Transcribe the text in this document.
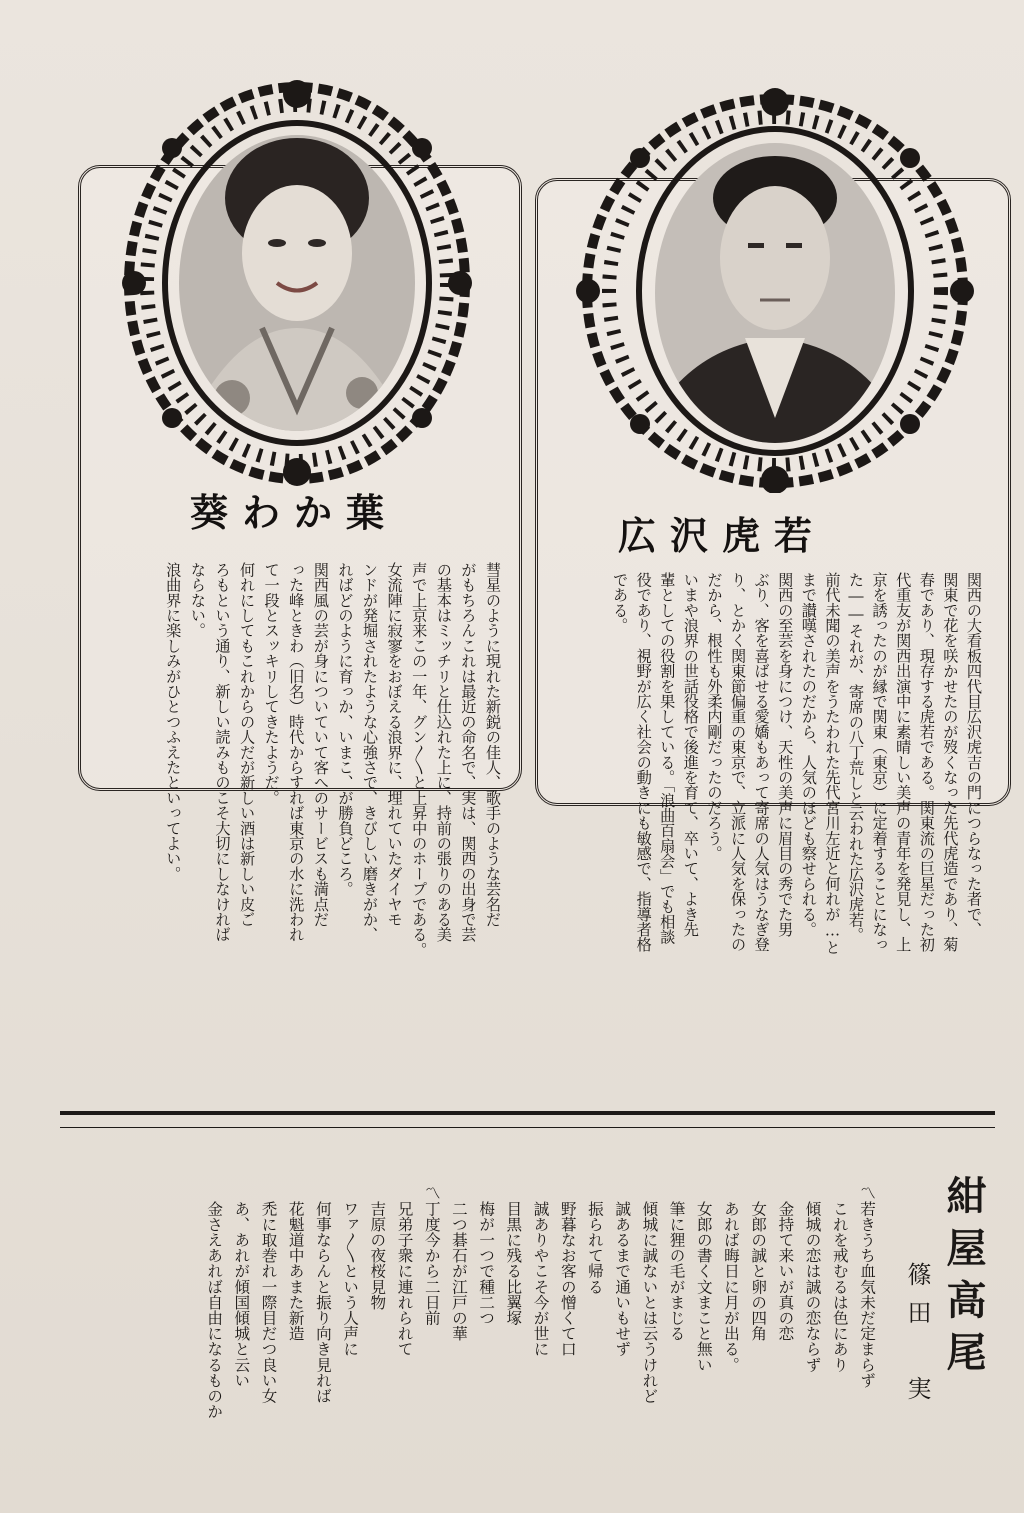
葵わか葉
彗星のように現れた新鋭の佳人、歌手のような芸名だ
がもちろんこれは最近の命名で、実は、関西の出身で芸
の基本はミッチリと仕込れた上に、持前の張りのある美
声で上京来この一年、グン〳〵と上昇中のホープである。
女流陣に寂寥をおぼえる浪界に、埋れていたダイヤモ
ンドが発堀されたような心強さで、きびしい磨きがか、
ればどのように育っか、いまこ、が勝負どころ。
関西風の芸が身についていて客へのサービスも満点だ
った峰ときわ（旧名）時代からすれば東京の水に洗われ
て一段とスッキリしてきたようだ。
何れにしてもこれからの人だが新しい酒は新しい皮ご
ろもという通り、新しい読みものこそ大切にしなければ
ならない。
浪曲界に楽しみがひとつふえたといってよい。
広沢虎若
関西の大看板四代目広沢虎吉の門につらなった者で、
関東で花を咲かせたのが歿くなった先代虎造であり、菊
春であり、現存する虎若である。関東流の巨星だった初
代重友が関西出演中に素晴しい美声の青年を発見し、上
京を誘ったのが縁で関東（東京）に定着することになっ
た――それが、寄席の八丁荒しと云われた広沢虎若。
前代未聞の美声をうたわれた先代宮川左近と何れが…と
まで讃嘆されたのだから、人気のほども察せられる。
関西の至芸を身につけ、天性の美声に眉目の秀でた男
ぶり、客を喜ばせる愛嬌もあって寄席の人気はうなぎ登
り、とかく関東節偏重の東京で、立派に人気を保ったの
だから、根性も外柔内剛だったのだろう。
いまや浪界の世話役格で後進を育て、卒いて、よき先
輩としての役割を果している。「浪曲百扇会」でも相談
役であり、視野が広く社会の動きにも敏感で、指導者格
である。
紺屋高尾
篠田　実
〽若きうち血気未だ定まらず
　これを戒むるは色にあり
　傾城の恋は誠の恋ならず
　金持て来いが真の恋
　女郎の誠と卵の四角
　あれば晦日に月が出る。
　女郎の書く文まこと無い
　筆に狸の毛がまじる
　傾城に誠ないとは云うけれど
　誠あるまで通いもせず
　振られて帰る
　野暮なお客の憎くて口
　誠ありやこそ今が世に
　目黒に残る比翼塚
　梅が一つで種二つ
　二つ碁石が江戸の華
〽丁度今から二日前
　兄弟子衆に連れられて
　吉原の夜桜見物
　ワァ〳〵という人声に
　何事ならんと振り向き見れば
　花魁道中あまた新造
　禿に取巻れ一際目だつ良い女
　あ、あれが傾国傾城と云い
　金さえあれば自由になるものか
